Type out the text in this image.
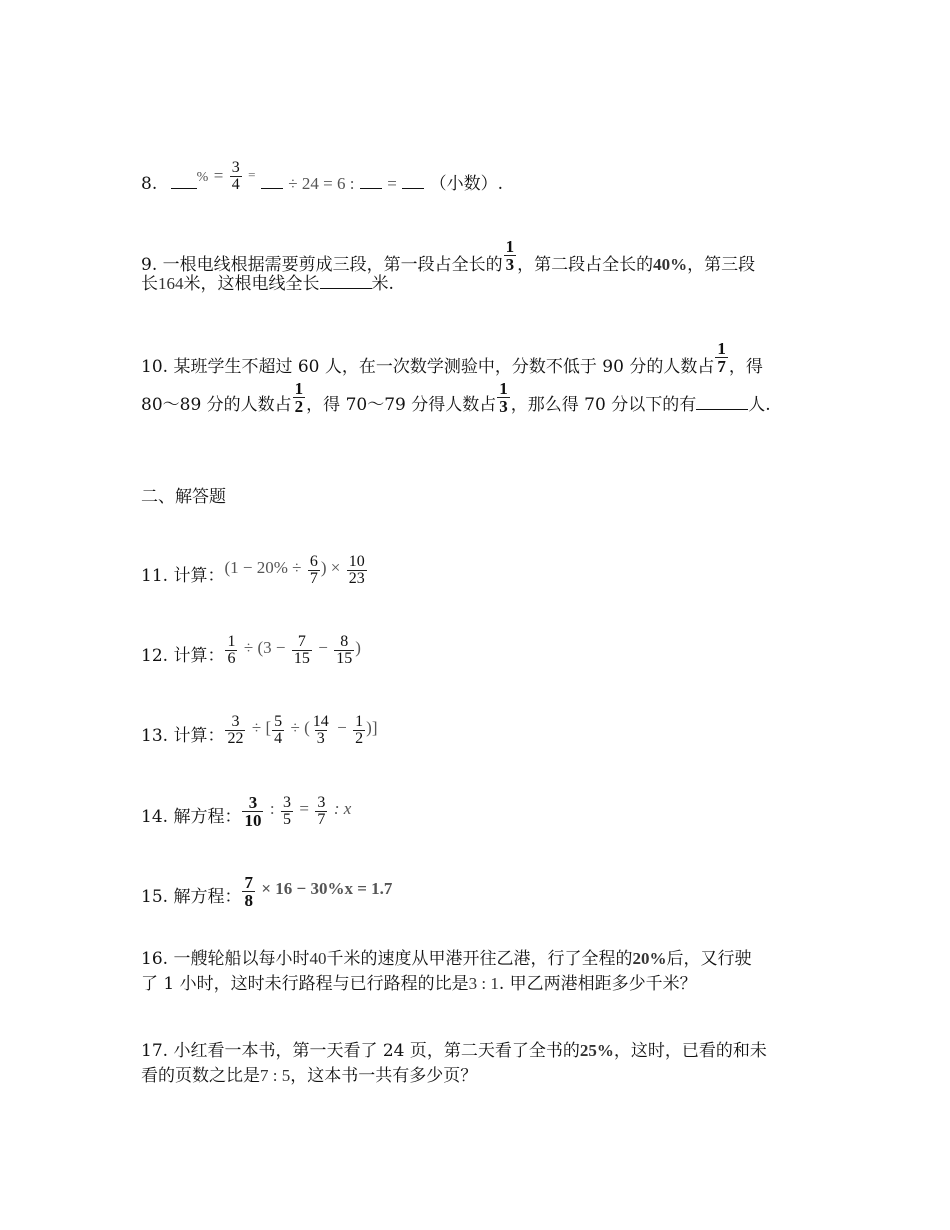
8.	$^{\%} = \frac{3}{4} ^= \div 24 = 6$ : = （小数）.
9. 一根电线根据需要剪成三段，第一段占全长的 $\frac{1}{3}$ ，第二段占全长的40%，第三段
长164米，这根电线全长	米.
10. 某班学生不超过 60 人，在一次数学测验中，分数不低于 90 分的人数占 $\frac{1}{7}$ ，得
80～89 分的人数占 $\frac{1}{2}$ ，得 70～79 分得人数占 $\frac{1}{3}$ ，那么得 70 分以下的有	人.
二、解答题
11. 计算：($1 - 20\% \div \frac{6}{7}$ ) × $\frac{10}{23}$
12. 计算： $\frac{1}{6} \div (3 - \frac{7}{15} - \frac{8}{15}$ )
13. 计算： $\frac{3}{22}$ ÷ [ $\frac{5}{4}$ ÷ ( $\frac{14}{3} - \frac{1}{2}$ )]
14. 解方程： $\frac{3}{10}$ : $\frac{3}{5} = \frac{3}{7}$ : x
15. 解方程： $\frac{7}{8} \times 16 - 30\%x = 1.7$
16. 一艘轮船以每小时40千米的速度从甲港开往乙港，行了全程的20%后，又行驶
了 1 小时，这时未行路程与已行路程的比是3 : 1. 甲乙两港相距多少千米？
17. 小红看一本书，第一天看了 24 页，第二天看了全书的25%，这时，已看的和未
看的页数之比是7 : 5，这本书一共有多少页？
